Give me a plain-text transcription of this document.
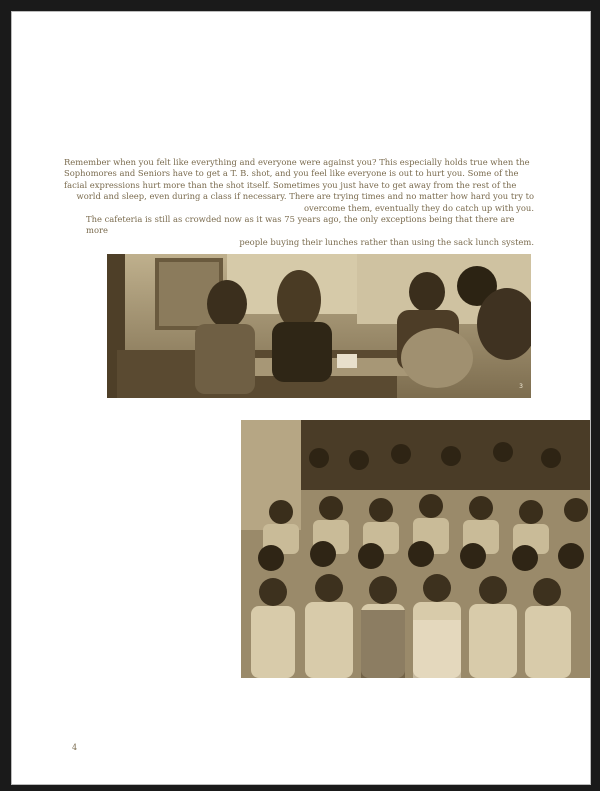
Remember when you felt like everything and everyone were against you? This especially holds true when the

Sophomores and Seniors have to get a T. B. shot, and you feel like everyone is out to hurt you. Some of the

facial expressions hurt more than the shot itself. Sometimes you just have to get away from the rest of the

world and sleep, even during a class if necessary. There are trying times and no matter how hard you try to

overcome them, eventually they do catch up with you.

The cafeteria is still as crowded now as it was 75 years ago, the only exceptions being that there are more

people buying their lunches rather than using the sack lunch system.

3
4
